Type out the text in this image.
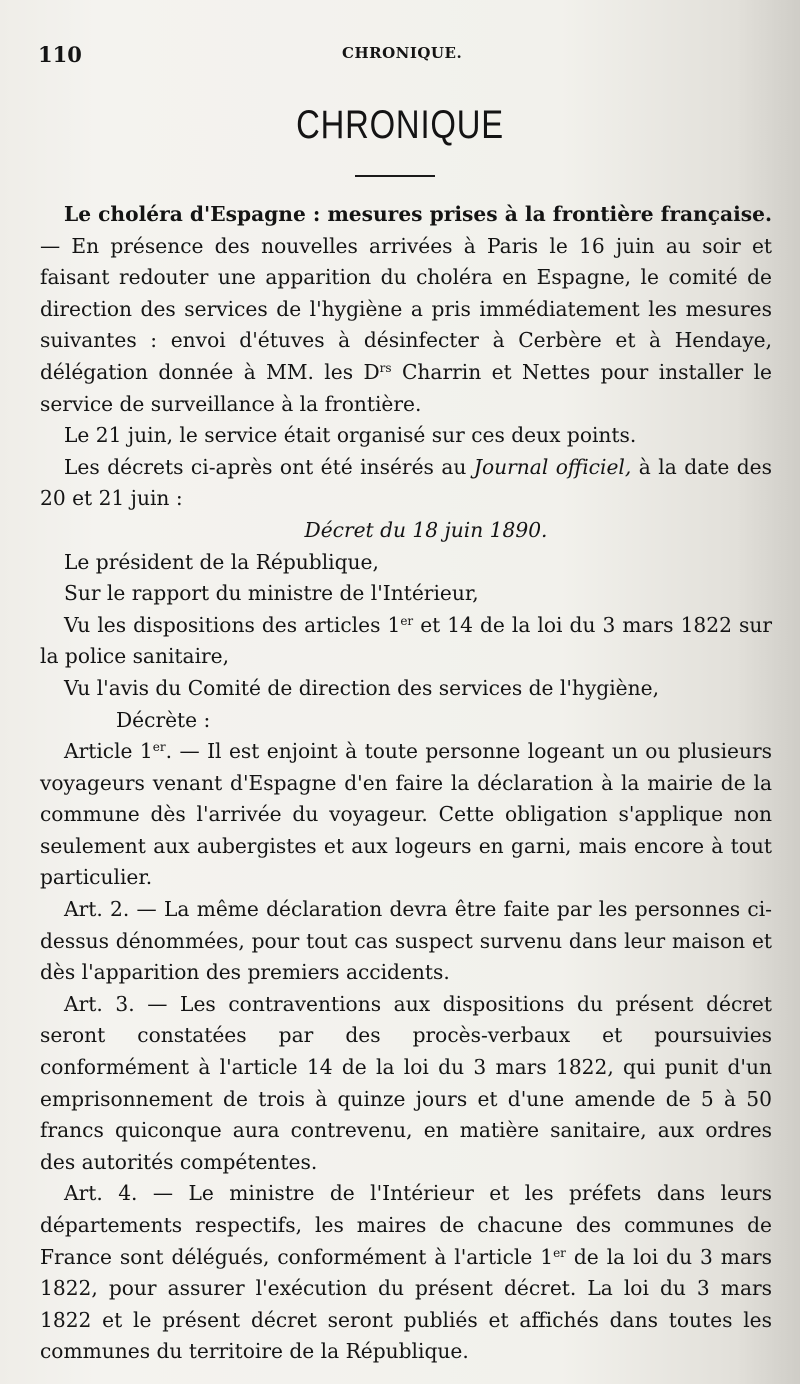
110	CHRONIQUE.
CHRONIQUE

Le choléra d'Espagne : mesures prises à la frontière française. — En présence des nouvelles arrivées à Paris le 16 juin au soir et faisant redouter une apparition du choléra en Espagne, le comité de direction des services de l'hygiène a pris immédiatement les mesures suivantes : envoi d'étuves à désinfecter à Cerbère et à Hendaye, délégation donnée à MM. les $D^{rs}$ Charrin et Nettes pour installer le service de surveillance à la frontière.

Le 21 juin, le service était organisé sur ces deux points.

Les décrets ci-après ont été insérés au Journal officiel, à la date des 20 et 21 juin :

Décret du 18 juin 1890.

Le président de la République,

Sur le rapport du ministre de l'Intérieur,

Vu les dispositions des articles 1er et 14 de la loi du 3 mars 1822 sur la police sanitaire,

Vu l'avis du Comité de direction des services de l'hygiène,

Décrète :

Article 1er. — Il est enjoint à toute personne logeant un ou plusieurs voyageurs venant d'Espagne d'en faire la déclaration à la mairie de la commune dès l'arrivée du voyageur. Cette obligation s'applique non seulement aux aubergistes et aux logeurs en garni, mais encore à tout particulier.

Art. 2. — La même déclaration devra être faite par les personnes ci-dessus dénommées, pour tout cas suspect survenu dans leur maison et dès l'apparition des premiers accidents.

Art. 3. — Les contraventions aux dispositions du présent décret seront constatées par des procès-verbaux et poursuivies conformément à l'article 14 de la loi du 3 mars 1822, qui punit d'un emprisonnement de trois à quinze jours et d'une amende de 5 à 50 francs quiconque aura contrevenu, en matière sanitaire, aux ordres des autorités compétentes.

Art. 4. — Le ministre de l'Intérieur et les préfets dans leurs départements respectifs, les maires de chacune des communes de France sont délégués, conformément à l'article 1er de la loi du 3 mars 1822, pour assurer l'exécution du présent décret. La loi du 3 mars 1822 et le présent décret seront publiés et affichés dans toutes les communes du territoire de la République.
